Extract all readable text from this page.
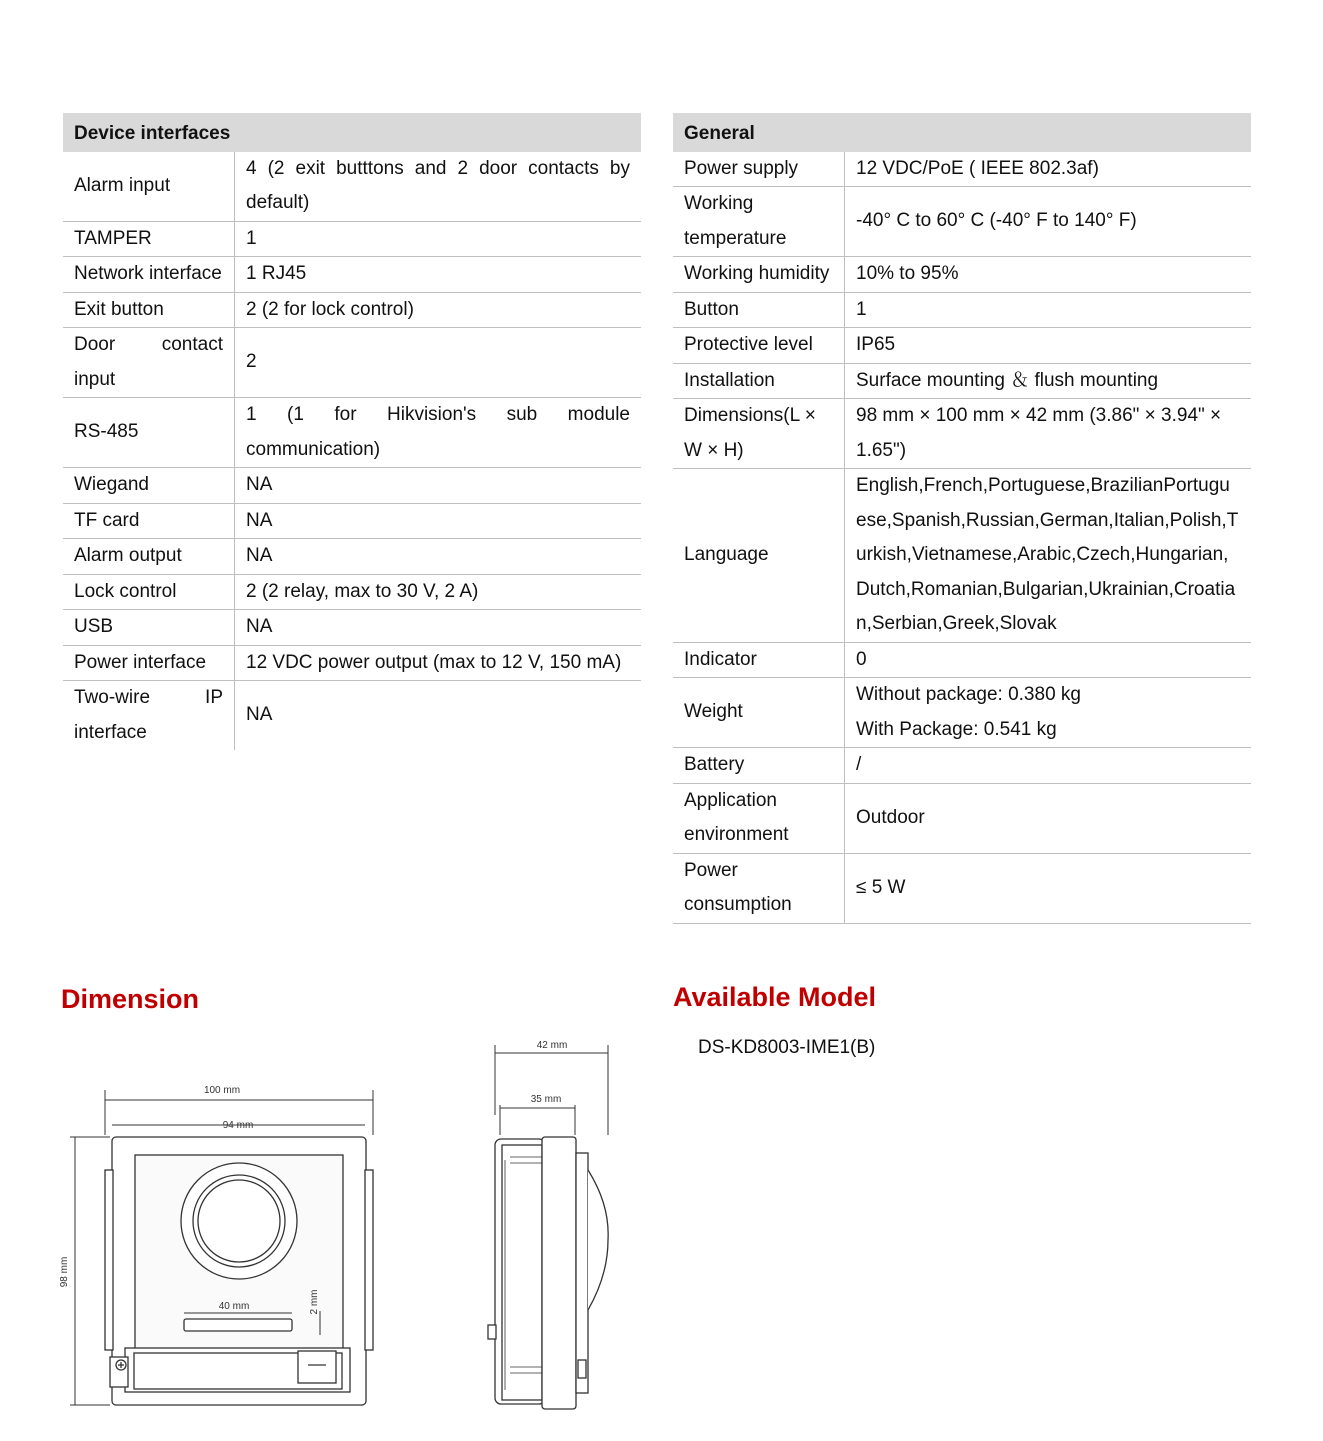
Device interfaces	
Alarm input	4 (2 exit butttons and 2 door contacts by default)
TAMPER	1
Network interface	1 RJ45
Exit button	2 (2 for lock control)
Door contact input	2
RS-485	1 (1 for Hikvision's sub module communication)
Wiegand	NA
TF card	NA
Alarm output	NA
Lock control	2 (2 relay, max to 30 V, 2 A)
USB	NA
Power interface	12 VDC power output (max to 12 V, 150 mA)
Two-wire IP interface	NA
General	
Power supply	12 VDC/PoE ( IEEE 802.3af)
Working temperature	-40° C to 60° C (-40° F to 140° F)
Working humidity	10% to 95%
Button	1
Protective level	IP65
Installation	Surface mounting ＆ flush mounting
Dimensions(L × W × H)	98 mm × 100 mm × 42 mm (3.86" × 3.94" × 1.65")
Language	English,French,Portuguese,BrazilianPortuguese,Spanish,Russian,German,Italian,Polish,Turkish,Vietnamese,Arabic,Czech,Hungarian,Dutch,Romanian,Bulgarian,Ukrainian,Croatian,Serbian,Greek,Slovak
Indicator	0
Weight	Without package: 0.380 kg
With Package: 0.541 kg

Battery	/
Application environment	Outdoor
Power consumption	≤ 5 W
Dimension	Available Model
DS-KD8003-IME1(B)
100 mm
94 mm
98 mm
40 mm	2 mm
42 mm
35 mm
